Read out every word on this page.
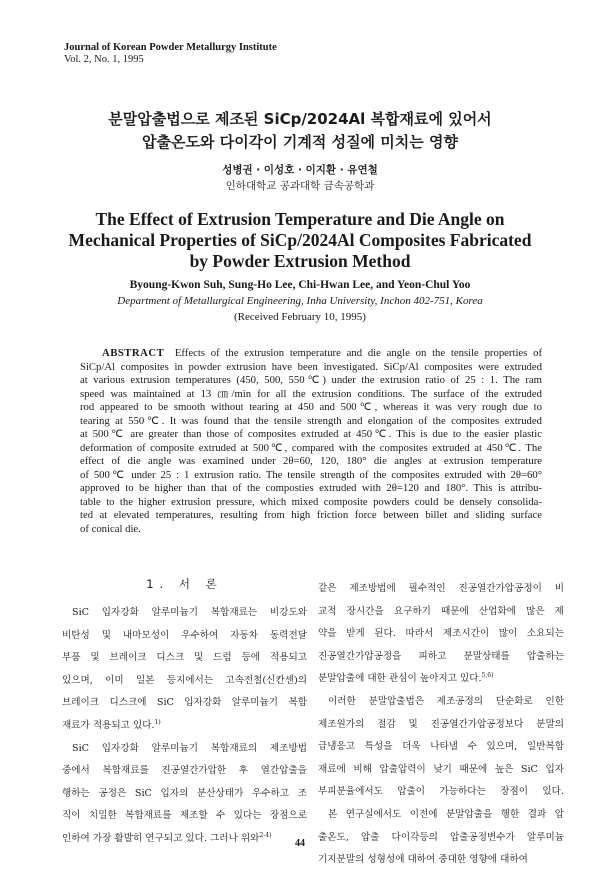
Journal of Korean Powder Metallurgy Institute
Vol. 2, No. 1, 1995
분말압출법으로 제조된 SiCp/2024Al 복합재료에 있어서
압출온도와 다이각이 기계적 성질에 미치는 영향
성병권 · 이성호 · 이지환 · 유연철
인하대학교 공과대학 금속공학과
The Effect of Extrusion Temperature and Die Angle on
Mechanical Properties of SiCp/2024Al Composites Fabricated
by Powder Extrusion Method
Byoung-Kwon Suh, Sung-Ho Lee, Chi-Hwan Lee, and Yeon-Chul Yoo
Department of Metallurgical Engineering, Inha University, Inchon 402-751, Korea
(Received February 10, 1995)
ABSTRACT  Effects of the extrusion temperature and die angle on the tensile properties of
SiCp/Al composites in powder extrusion have been investigated. SiCp/Al composites were extruded
at various extrusion temperatures (450, 500, 550℃) under the extrusion ratio of 25 : 1. The ram
speed was maintained at 13 ㎝/min for all the extrusion conditions. The surface of the extruded
rod appeared to be smooth without tearing at 450 and 500℃, whereas it was very rough due to
tearing at 550℃. It was found that the tensile strength and elongation of the composites extruded
at 500℃ are greater than those of composites extruded at 450℃. This is due to the easier plastic
deformation of composite extruded at 500℃, compared with the composites extruded at 450℃. The
effect of die angle was examined under 2θ=60, 120, 180° die angles at extrusion temperature
of 500℃ under 25 : 1 extrusion ratio. The tensile strength of the composites extruded with 2θ=60°
approved to be higher than that of the composties extruded with 2θ=120 and 180°. This is attribu-
table to the higher extrusion pressure, which mixed composite powders could be densely consolida-
ted at elevated temperatures, resulting from high friction force between billet and sliding surface
of conical die.
1. 서 론
SiC 입자강화 알루미늄기 복합재료는 비강도와
비탄성 및 내마모성이 우수하여 자동차 동력전달
부품 및 브레이크 디스크 및 드럼 등에 적용되고
있으며, 이미 일본 등지에서는 고속전철(신칸센)의
브레이크 디스크에 SiC 입자강화 알루미늄기 복합
재료가 적용되고 있다.$^{1)}$
SiC 입자강화 알루미늄기 복합재료의 제조방법
중에서 복합재료를 진공열간가압한 후 열간압출을
행하는 공정은 SiC 입자의 분산상태가 우수하고 조
직이 치밀한 복합재료를 제조할 수 있다는 장점으로
인하여 가장 활발히 연구되고 있다. 그러나 위와$^{2-4)}$
같은 제조방법에 필수적인 진공열간가압공정이 비
교적 장시간을 요구하기 때문에 산업화에 많은 제
약을 받게 된다. 따라서 제조시간이 많이 소요되는
진공열간가압공정을 피하고 분말상태를 압출하는
분말압출에 대한 관심이 높아지고 있다.$^{5,6)}$
이러한 분말압출법은 제조공정의 단순화로 인한
제조원가의 절감 및 진공열간가압공정보다 분말의
급냉응고 특성을 더욱 나타낼 수 있으며, 일반복합
재료에 비해 압출압력이 낮기 때문에 높은 SiC 입자
부피분율에서도 압출이 가능하다는 장점이 있다.
본 연구실에서도 이전에 분말압출을 행한 결과 압
출온도, 압출 다이각등의 압출공정변수가 알루미늄
기지분말의 성형성에 대하여 중대한 영향에 대하여
44
